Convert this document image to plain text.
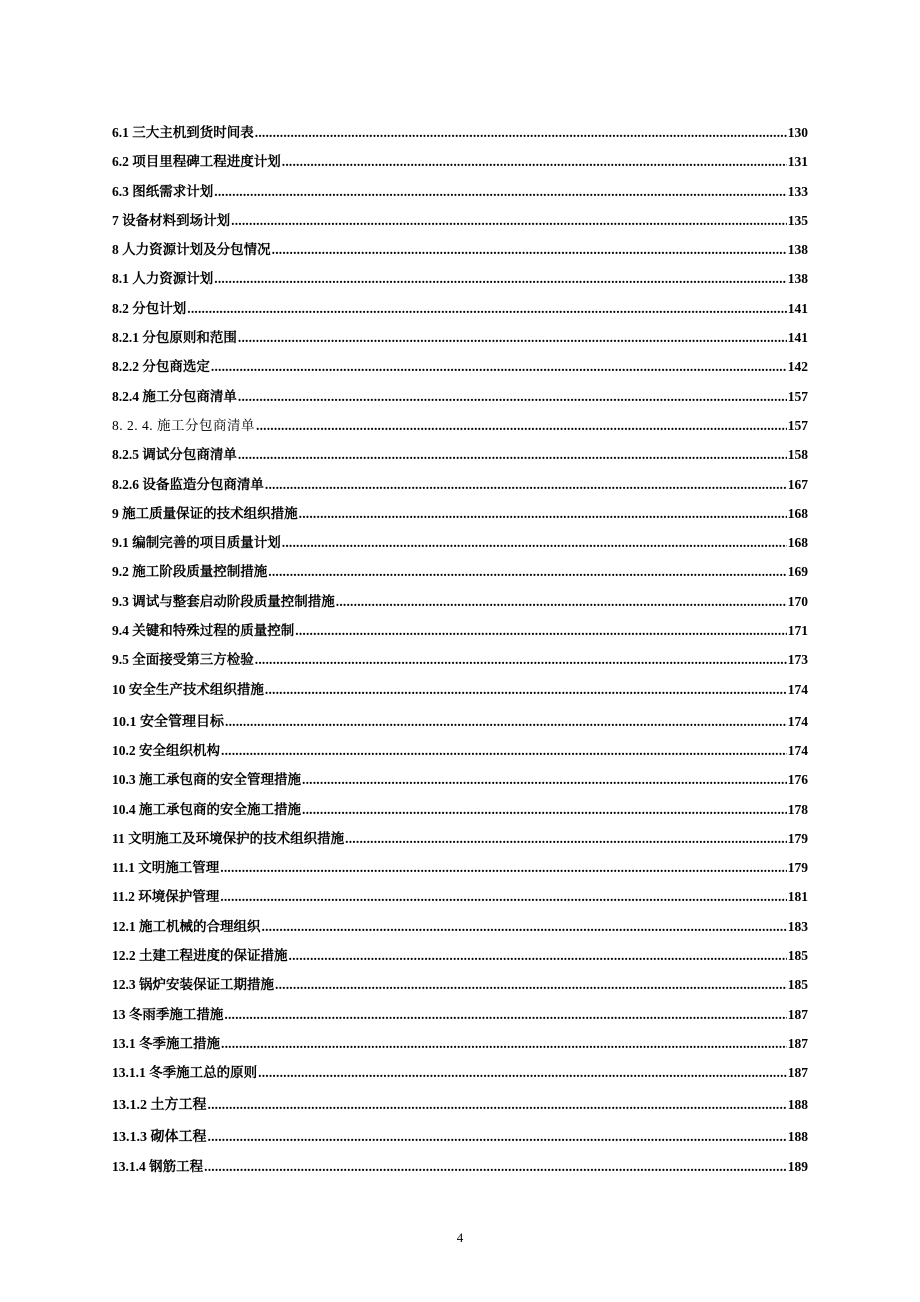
6.1 三大主机到货时间表 .....	130
6.2 项目里程碑工程进度计划 .....	131
6.3 图纸需求计划 .....	133
7 设备材料到场计划 .....	135
8 人力资源计划及分包情况 .....	138
8.1 人力资源计划 .....	138
8.2 分包计划 .....	141
8.2.1 分包原则和范围 .....	141
8.2.2 分包商选定 .....	142
8.2.4 施工分包商清单 .....	157
8. 2. 4. 施工分包商清单 .....	157
8.2.5 调试分包商清单 .....	158
8.2.6 设备监造分包商清单 .....	167
9 施工质量保证的技术组织措施 .....	168
9.1 编制完善的项目质量计划 .....	168
9.2 施工阶段质量控制措施 .....	169
9.3 调试与整套启动阶段质量控制措施 .....	170
9.4 关键和特殊过程的质量控制 .....	171
9.5 全面接受第三方检验 .....	173
10 安全生产技术组织措施 .....	174
10.1 安全管理目标 .....	174
10.2 安全组织机构 .....	174
10.3 施工承包商的安全管理措施 .....	176
10.4 施工承包商的安全施工措施 .....	178
11 文明施工及环境保护的技术组织措施 .....	179
11.1 文明施工管理 .....	179
11.2 环境保护管理 .....	181
12.1 施工机械的合理组织 .....	183
12.2 土建工程进度的保证措施 .....	185
12.3 锅炉安装保证工期措施 .....	185
13 冬雨季施工措施 .....	187
13.1 冬季施工措施 .....	187
13.1.1 冬季施工总的原则 .....	187
13.1.2 土方工程 .....	188
13.1.3 砌体工程 .....	188
13.1.4 钢筋工程 .....	189
4
